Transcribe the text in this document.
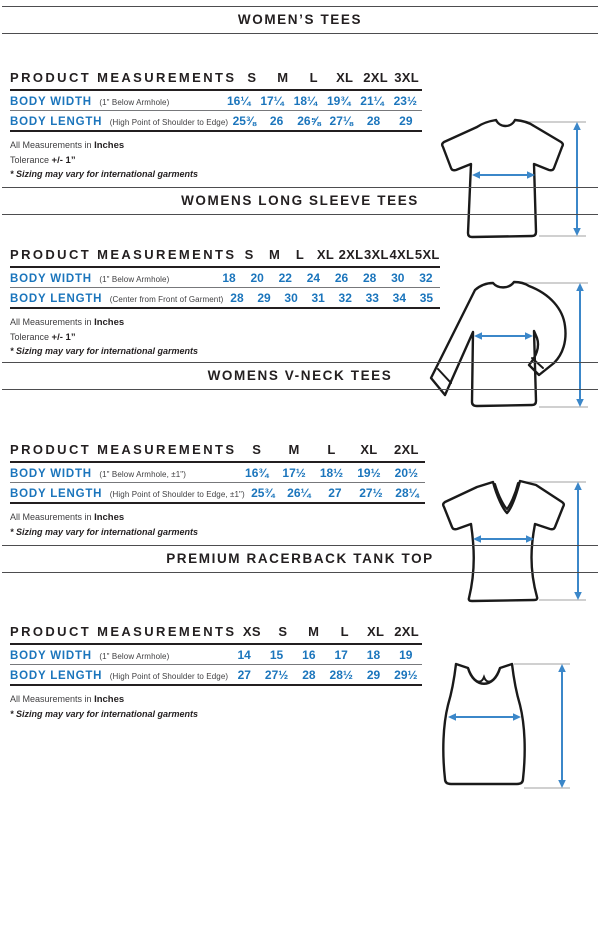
WOMEN’S TEES
PRODUCT MEASUREMENTS S	M	L	XL 2XL 3XL
BODY WIDTH (1" Below Armhole)	16¼ 17¼ 18¼ 19¾ 21¼ 23½
BODY LENGTH (High Point of Shoulder to Edge) 25⅜	26	26⅝ 27⅛	28	29
All Measurements in Inches
Tolerance +/- 1”
* Sizing may vary for international garments
WOMENS LONG SLEEVE TEES
PRODUCT MEASUREMENTS S	M	L XL 2XL 3XL 4XL 5XL
BODY WIDTH (1" Below Armhole)	18	20	22	24	26	28	30	32
BODY LENGTH (Center from Front of Garment) 28	29	30	31	32	33	34	35
All Measurements in Inches
Tolerance +/- 1”
* Sizing may vary for international garments
WOMENS V-NECK TEES
PRODUCT MEASUREMENTS	S	M	L	XL	2XL
BODY WIDTH (1" Below Armhole, ±1")	16¾	17½	18½	19½	20½
BODY LENGTH (High Point of Shoulder to Edge, ±1") 25¾	26¼	27	27½	28¼
All Measurements in Inches
* Sizing may vary for international garments
PREMIUM RACERBACK TANK TOP
PRODUCT MEASUREMENTS XS	S	M	L	XL 2XL
BODY WIDTH (1" Below Armhole)	14	15	16	17	18	19
BODY LENGTH (High Point of Shoulder to Edge) 27	27½	28	28½	29	29½
All Measurements in Inches
* Sizing may vary for international garments
